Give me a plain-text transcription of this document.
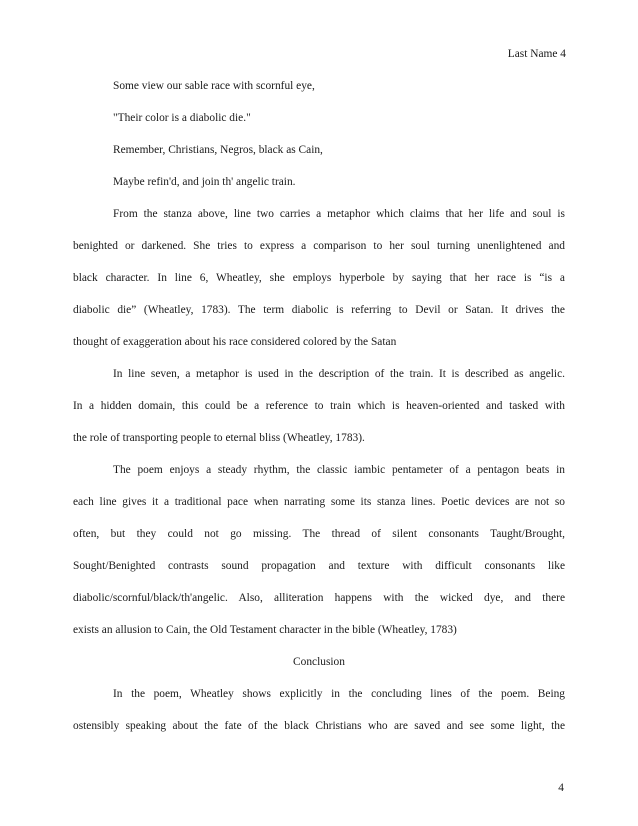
Last Name 4

Some view our sable race with scornful eye,

"Their color is a diabolic die."

Remember, Christians, Negros, black as Cain,

Maybe refin'd, and join th' angelic train.

From the stanza above, line two carries a metaphor which claims that her life and soul is
benighted or darkened. She tries to express a comparison to her soul turning unenlightened and
black character. In line 6, Wheatley, she employs hyperbole by saying that her race is “is a
diabolic die” (Wheatley, 1783). The term diabolic is referring to Devil or Satan. It drives the
thought of exaggeration about his race considered colored by the Satan
In line seven, a metaphor is used in the description of the train. It is described as angelic.
In a hidden domain, this could be a reference to train which is heaven-oriented and tasked with
the role of transporting people to eternal bliss (Wheatley, 1783).
The poem enjoys a steady rhythm, the classic iambic pentameter of a pentagon beats in
each line gives it a traditional pace when narrating some its stanza lines. Poetic devices are not so
often, but they could not go missing. The thread of silent consonants Taught/Brought,
Sought/Benighted contrasts sound propagation and texture with difficult consonants like
diabolic/scornful/black/th'angelic. Also, alliteration happens with the wicked dye, and there
exists an allusion to Cain, the Old Testament character in the bible (Wheatley, 1783)
Conclusion
In the poem, Wheatley shows explicitly in the concluding lines of the poem. Being
ostensibly speaking about the fate of the black Christians who are saved and see some light, the
4
